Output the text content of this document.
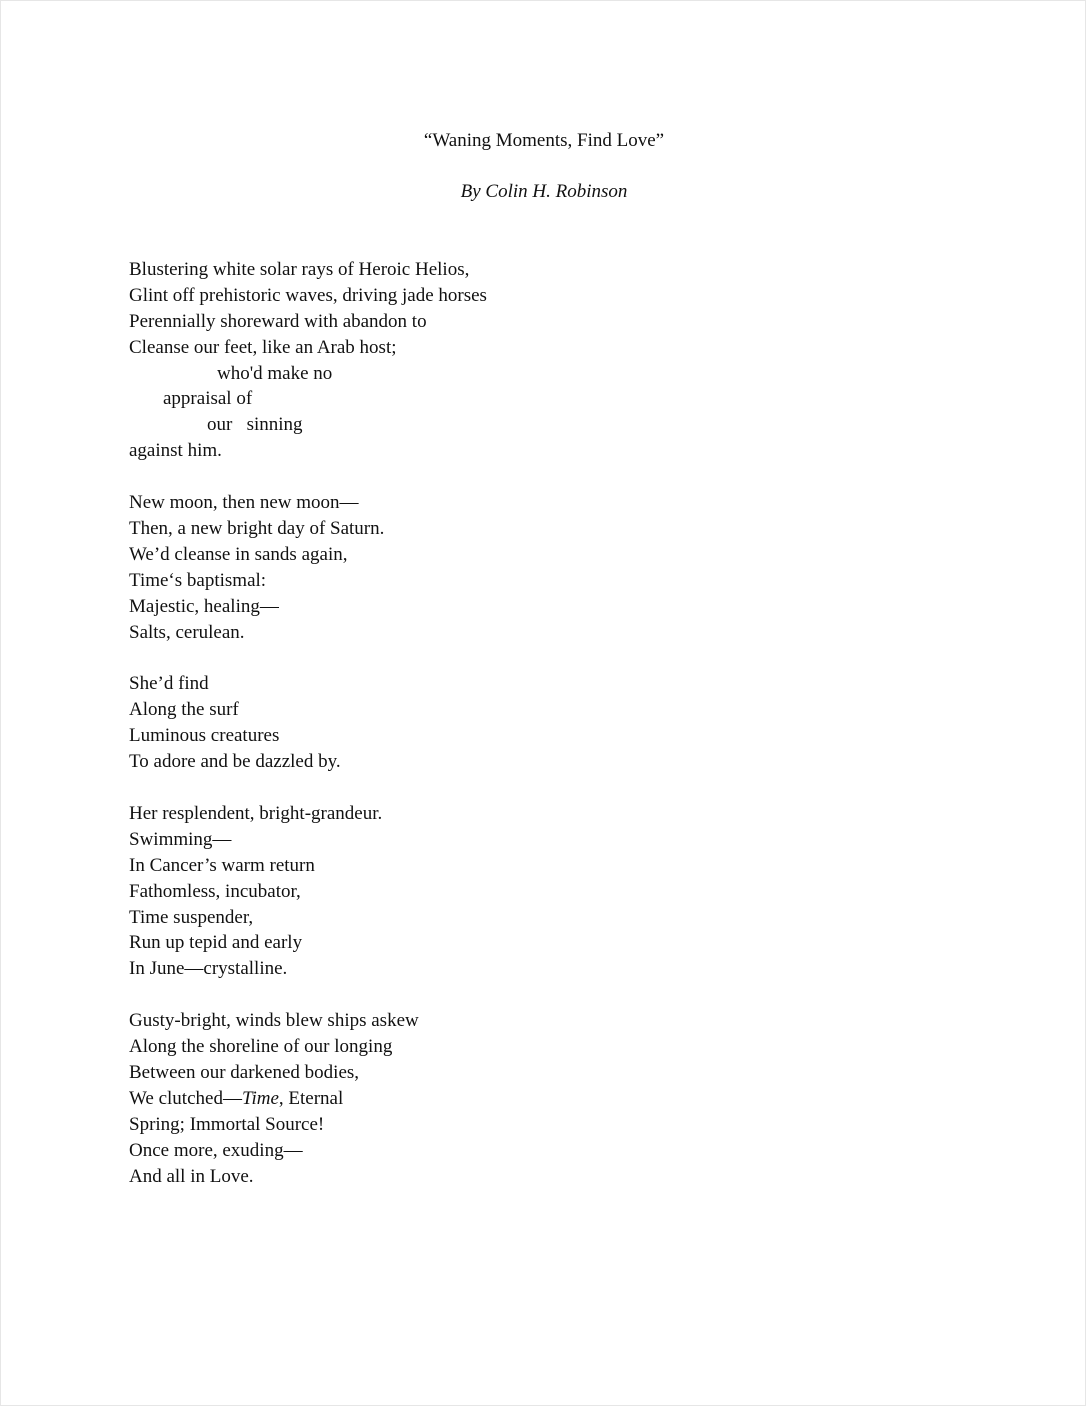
“Waning Moments, Find Love”

By Colin H. Robinson

Blustering white solar rays of Heroic Helios,
Glint off prehistoric waves, driving jade horses
Perennially shoreward with abandon to
Cleanse our feet, like an Arab host;
who'd make no
appraisal of
our   sinning
against him.
New moon, then new moon—
Then, a new bright day of Saturn.
We’d cleanse in sands again,
Time‘s baptismal:
Majestic, healing—
Salts, cerulean.
She’d find
Along the surf
Luminous creatures
To adore and be dazzled by.
Her resplendent, bright-grandeur.
Swimming—
In Cancer’s warm return
Fathomless, incubator,
Time suspender,
Run up tepid and early
In June—crystalline.
Gusty-bright, winds blew ships askew
Along the shoreline of our longing
Between our darkened bodies,
We clutched—Time, Eternal
Spring; Immortal Source!
Once more, exuding—
And all in Love.
